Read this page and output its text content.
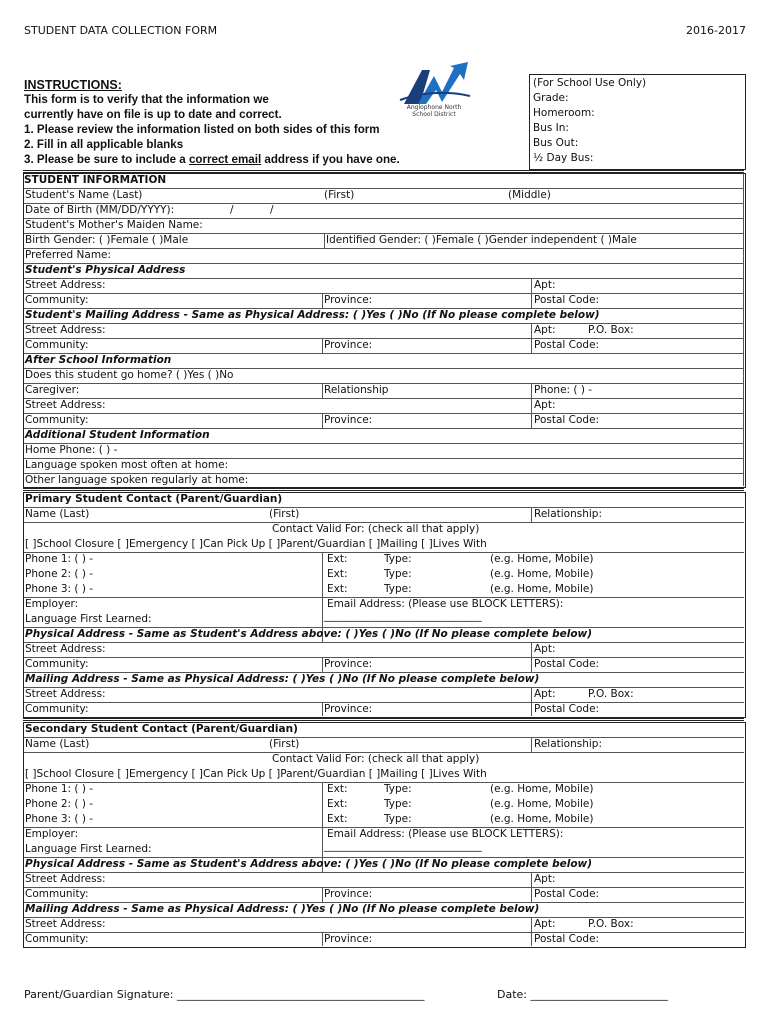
STUDENT DATA COLLECTION FORM	2016-2017
INSTRUCTIONS:
This form is to verify that the information we
currently have on file is up to date and correct.
1. Please review the information listed on both sides of this form
2. Fill in all applicable blanks
3. Please be sure to include a correct email address if you have one.
Anglophone North
School District
(For School Use Only)
Grade:
Homeroom:
Bus In:
Bus Out:
½ Day Bus:
STUDENT INFORMATION
Student's Name (Last)	(First)	(Middle)
Date of Birth (MM/DD/YYYY):	/	/
Student's Mother's Maiden Name:
Birth Gender: ( )Female ( )Male	Identified Gender: ( )Female ( )Gender independent ( )Male
Preferred Name:
Student's Physical Address
Street Address:	Apt:
Community:	Province:	Postal Code:
Student's Mailing Address - Same as Physical Address: ( )Yes ( )No (If No please complete below)
Street Address:	Apt:	P.O. Box:
Community:	Province:	Postal Code:
After School Information
Does this student go home? ( )Yes ( )No
Caregiver:	Relationship	Phone: ( ) -
Street Address:	Apt:
Community:	Province:	Postal Code:
Additional Student Information
Home Phone: ( ) -
Language spoken most often at home:
Other language spoken regularly at home:
Primary Student Contact (Parent/Guardian)
Name (Last)	(First)	Relationship:
Contact Valid For: (check all that apply)
[ ]School Closure [ ]Emergency [ ]Can Pick Up [ ]Parent/Guardian [ ]Mailing [ ]Lives With
Phone 1: ( ) -	Ext:	Type:	(e.g. Home, Mobile)
Phone 2: ( ) -	Ext:	Type:	(e.g. Home, Mobile)
Phone 3: ( ) -	Ext:	Type:	(e.g. Home, Mobile)
Employer:	Email Address: (Please use BLOCK LETTERS):
Language First Learned:	______________________________
Physical Address - Same as Student's Address above: ( )Yes ( )No (If No please complete below)
Street Address:	Apt:
Community:	Province:	Postal Code:
Mailing Address - Same as Physical Address: ( )Yes ( )No (If No please complete below)
Street Address:	Apt:	P.O. Box:
Community:	Province:	Postal Code:
Secondary Student Contact (Parent/Guardian)
Name (Last)	(First)	Relationship:
Contact Valid For: (check all that apply)
[ ]School Closure [ ]Emergency [ ]Can Pick Up [ ]Parent/Guardian [ ]Mailing [ ]Lives With
Phone 1: ( ) -	Ext:	Type:	(e.g. Home, Mobile)
Phone 2: ( ) -	Ext:	Type:	(e.g. Home, Mobile)
Phone 3: ( ) -	Ext:	Type:	(e.g. Home, Mobile)
Employer:	Email Address: (Please use BLOCK LETTERS):
Language First Learned:	______________________________
Physical Address - Same as Student's Address above: ( )Yes ( )No (If No please complete below)
Street Address:	Apt:
Community:	Province:	Postal Code:
Mailing Address - Same as Physical Address: ( )Yes ( )No (If No please complete below)
Street Address:	Apt:	P.O. Box:
Community:	Province:	Postal Code:
Parent/Guardian Signature: _____________________________________________	Date: _________________________
